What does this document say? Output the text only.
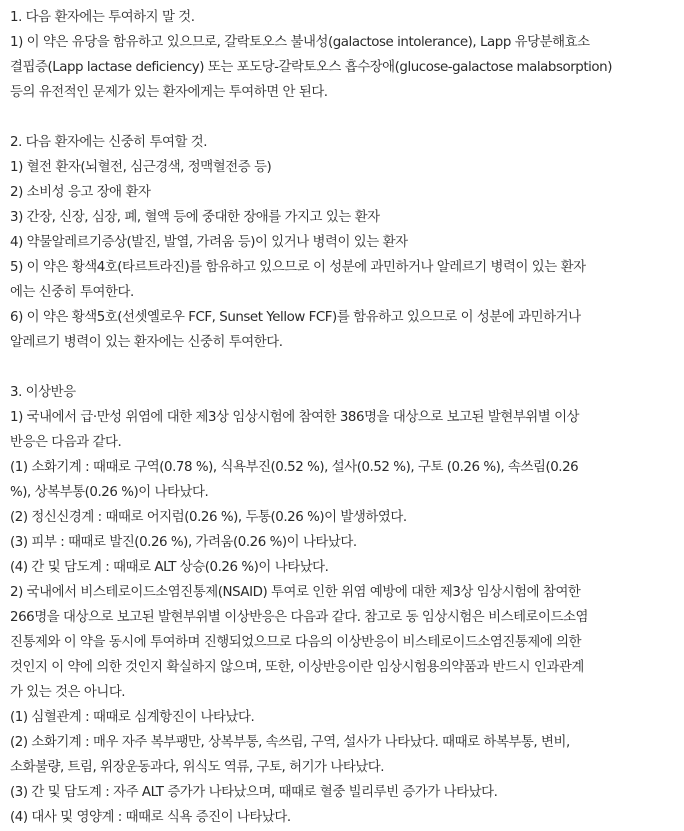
1. 다음 환자에는 투여하지 말 것.
1) 이 약은 유당을 함유하고 있으므로, 갈락토오스 불내성(galactose intolerance), Lapp 유당분해효소
결핍증(Lapp lactase deficiency) 또는 포도당-갈락토오스 흡수장애(glucose-galactose malabsorption)
등의 유전적인 문제가 있는 환자에게는 투여하면 안 된다.
2. 다음 환자에는 신중히 투여할 것.
1) 혈전 환자(뇌혈전, 심근경색, 정맥혈전증 등)
2) 소비성 응고 장애 환자
3) 간장, 신장, 심장, 폐, 혈액 등에 중대한 장애를 가지고 있는 환자
4) 약물알레르기증상(발진, 발열, 가려움 등)이 있거나 병력이 있는 환자
5) 이 약은 황색4호(타르트라진)를 함유하고 있으므로 이 성분에 과민하거나 알레르기 병력이 있는 환자
에는 신중히 투여한다.
6) 이 약은 황색5호(선셋옐로우 FCF, Sunset Yellow FCF)를 함유하고 있으므로 이 성분에 과민하거나
알레르기 병력이 있는 환자에는 신중히 투여한다.
3. 이상반응
1) 국내에서 급·만성 위염에 대한 제3상 임상시험에 참여한 386명을 대상으로 보고된 발현부위별 이상
반응은 다음과 같다.
(1) 소화기계 : 때때로 구역(0.78 %), 식욕부진(0.52 %), 설사(0.52 %), 구토 (0.26 %), 속쓰림(0.26
%), 상복부통(0.26 %)이 나타났다.
(2) 정신신경계 : 때때로 어지럼(0.26 %), 두통(0.26 %)이 발생하였다.
(3) 피부 : 때때로 발진(0.26 %), 가려움(0.26 %)이 나타났다.
(4) 간 및 담도계 : 때때로 ALT 상승(0.26 %)이 나타났다.
2) 국내에서 비스테로이드소염진통제(NSAID) 투여로 인한 위염 예방에 대한 제3상 임상시험에 참여한
266명을 대상으로 보고된 발현부위별 이상반응은 다음과 같다. 참고로 동 임상시험은 비스테로이드소염
진통제와 이 약을 동시에 투여하며 진행되었으므로 다음의 이상반응이 비스테로이드소염진통제에 의한
것인지 이 약에 의한 것인지 확실하지 않으며, 또한, 이상반응이란 임상시험용의약품과 반드시 인과관계
가 있는 것은 아니다.
(1) 심혈관계 : 때때로 심계항진이 나타났다.
(2) 소화기계 : 매우 자주 복부팽만, 상복부통, 속쓰림, 구역, 설사가 나타났다. 때때로 하복부통, 변비,
소화불량, 트림, 위장운동과다, 위식도 역류, 구토, 허기가 나타났다.
(3) 간 및 담도계 : 자주 ALT 증가가 나타났으며, 때때로 혈중 빌리루빈 증가가 나타났다.
(4) 대사 및 영양계 : 때때로 식욕 증진이 나타났다.
